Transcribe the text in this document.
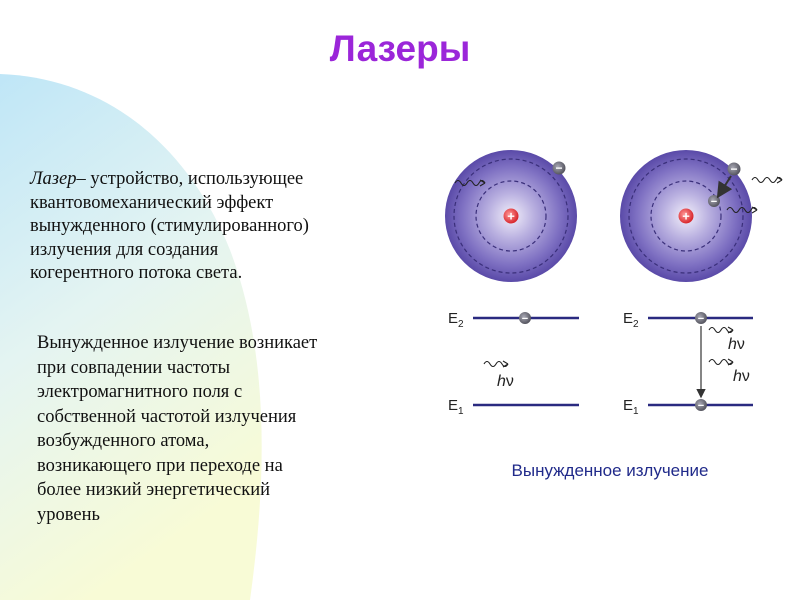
Лазеры
Лазер– устройство, использующее
квантовомеханический эффект
вынужденного (стимулированного)
излучения для создания
когерентного потока света.
Вынужденное излучение возникает
при совпадении частоты
электромагнитного поля с
собственной частотой излучения
возбужденного атома,
возникающего при переходе на
более низкий энергетический
уровень
+
−
+
−
−
$E_2$	−
hν
$E_1$
$E_2$	−
hν
hν
$E_1$	−
Вынужденное излучение
